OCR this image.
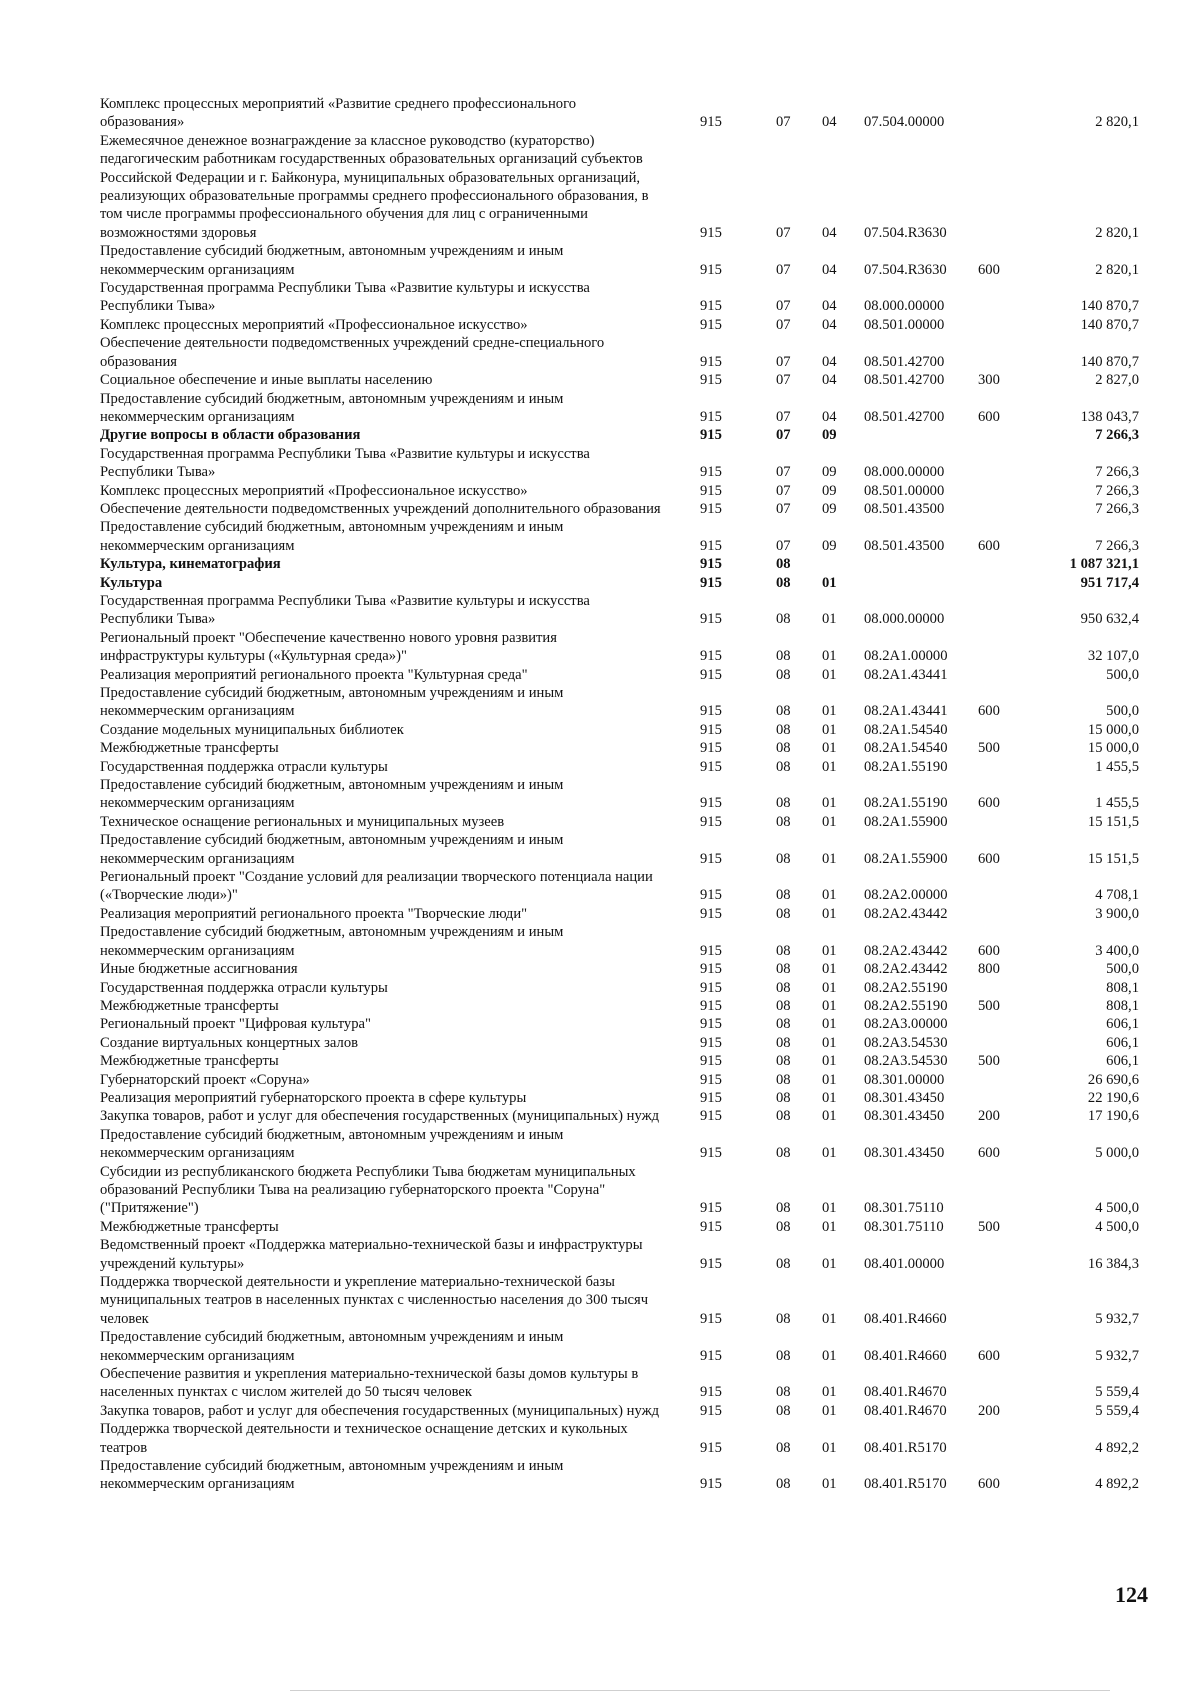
Комплекс процессных мероприятий «Развитие среднего профессионального образования»	915	07	04	07.504.00000		2 820,1
Ежемесячное денежное вознаграждение за классное руководство (кураторство) педагогическим работникам государственных образовательных организаций субъектов Российской Федерации и г. Байконура, муниципальных образовательных организаций, реализующих образовательные программы среднего профессионального образования, в том числе программы профессионального обучения для лиц с ограниченными возможностями здоровья	915	07	04	07.504.R3630		2 820,1
Предоставление субсидий бюджетным, автономным учреждениям и иным некоммерческим организациям	915	07	04	07.504.R3630	600	2 820,1
Государственная программа Республики Тыва «Развитие культуры и искусства Республики Тыва»	915	07	04	08.000.00000		140 870,7
Комплекс процессных мероприятий «Профессиональное искусство»	915	07	04	08.501.00000		140 870,7
Обеспечение деятельности подведомственных учреждений средне-специального образования	915	07	04	08.501.42700		140 870,7
Социальное обеспечение и иные выплаты населению	915	07	04	08.501.42700	300	2 827,0
Предоставление субсидий бюджетным, автономным учреждениям и иным некоммерческим организациям	915	07	04	08.501.42700	600	138 043,7
Другие вопросы в области образования	915	07	09			7 266,3
Государственная программа Республики Тыва «Развитие культуры и искусства Республики Тыва»	915	07	09	08.000.00000		7 266,3
Комплекс процессных мероприятий «Профессиональное искусство»	915	07	09	08.501.00000		7 266,3
Обеспечение деятельности подведомственных учреждений дополнительного образования	915	07	09	08.501.43500		7 266,3
Предоставление субсидий бюджетным, автономным учреждениям и иным некоммерческим организациям	915	07	09	08.501.43500	600	7 266,3
Культура, кинематография	915	08				1 087 321,1
Культура	915	08	01			951 717,4
Государственная программа Республики Тыва «Развитие культуры и искусства Республики Тыва»	915	08	01	08.000.00000		950 632,4
Региональный проект "Обеспечение качественно нового уровня развития инфраструктуры культуры («Культурная среда»)"	915	08	01	08.2А1.00000		32 107,0
Реализация мероприятий регионального проекта "Культурная среда"	915	08	01	08.2А1.43441		500,0
Предоставление субсидий бюджетным, автономным учреждениям и иным некоммерческим организациям	915	08	01	08.2А1.43441	600	500,0
Создание модельных муниципальных библиотек	915	08	01	08.2А1.54540		15 000,0
Межбюджетные трансферты	915	08	01	08.2А1.54540	500	15 000,0
Государственная поддержка отрасли культуры	915	08	01	08.2А1.55190		1 455,5
Предоставление субсидий бюджетным, автономным учреждениям и иным некоммерческим организациям	915	08	01	08.2А1.55190	600	1 455,5
Техническое оснащение региональных и муниципальных музеев	915	08	01	08.2А1.55900		15 151,5
Предоставление субсидий бюджетным, автономным учреждениям и иным некоммерческим организациям	915	08	01	08.2А1.55900	600	15 151,5
Региональный проект "Создание условий для реализации творческого потенциала нации («Творческие люди»)"	915	08	01	08.2А2.00000		4 708,1
Реализация мероприятий регионального проекта "Творческие люди"	915	08	01	08.2А2.43442		3 900,0
Предоставление субсидий бюджетным, автономным учреждениям и иным некоммерческим организациям	915	08	01	08.2А2.43442	600	3 400,0
Иные бюджетные ассигнования	915	08	01	08.2А2.43442	800	500,0
Государственная поддержка отрасли культуры	915	08	01	08.2А2.55190		808,1
Межбюджетные трансферты	915	08	01	08.2А2.55190	500	808,1
Региональный проект "Цифровая культура"	915	08	01	08.2А3.00000		606,1
Создание виртуальных концертных залов	915	08	01	08.2А3.54530		606,1
Межбюджетные трансферты	915	08	01	08.2А3.54530	500	606,1
Губернаторский проект «Соруна»	915	08	01	08.301.00000		26 690,6
Реализация мероприятий губернаторского проекта в сфере культуры	915	08	01	08.301.43450		22 190,6
Закупка товаров, работ и услуг для обеспечения государственных (муниципальных) нужд	915	08	01	08.301.43450	200	17 190,6
Предоставление субсидий бюджетным, автономным учреждениям и иным некоммерческим организациям	915	08	01	08.301.43450	600	5 000,0
Субсидии из республиканского бюджета Республики Тыва бюджетам муниципальных образований Республики Тыва на реализацию губернаторского проекта "Соруна" ("Притяжение")	915	08	01	08.301.75110		4 500,0
Межбюджетные трансферты	915	08	01	08.301.75110	500	4 500,0
Ведомственный проект «Поддержка материально-технической базы и инфраструктуры учреждений культуры»	915	08	01	08.401.00000		16 384,3
Поддержка творческой деятельности и укрепление материально-технической базы муниципальных театров в населенных пунктах с численностью населения до 300 тысяч человек	915	08	01	08.401.R4660		5 932,7
Предоставление субсидий бюджетным, автономным учреждениям и иным некоммерческим организациям	915	08	01	08.401.R4660	600	5 932,7
Обеспечение развития и укрепления материально-технической базы домов культуры в населенных пунктах с числом жителей до 50 тысяч человек	915	08	01	08.401.R4670		5 559,4
Закупка товаров, работ и услуг для обеспечения государственных (муниципальных) нужд	915	08	01	08.401.R4670	200	5 559,4
Поддержка творческой деятельности и техническое оснащение детских и кукольных театров	915	08	01	08.401.R5170		4 892,2
Предоставление субсидий бюджетным, автономным учреждениям и иным некоммерческим организациям	915	08	01	08.401.R5170	600	4 892,2
124
